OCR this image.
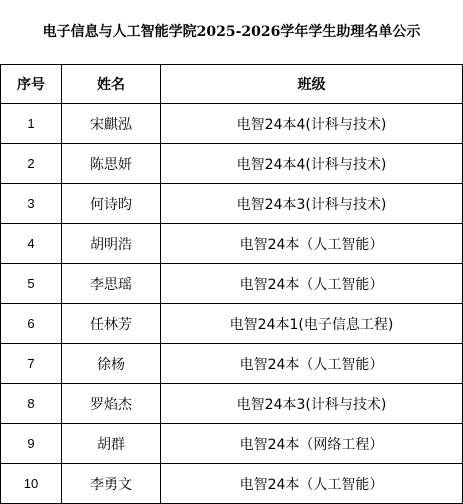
电子信息与人工智能学院2025-2026学年学生助理名单公示
序号	姓名	班级
1	宋麒泓	电智24本4(计科与技术)
2	陈思妍	电智24本4(计科与技术)
3	何诗昀	电智24本3(计科与技术)
4	胡明浩	电智24本（人工智能）
5	李思瑶	电智24本（人工智能）
6	任林芳	电智24本1(电子信息工程)
7	徐杨	电智24本（人工智能）
8	罗焰杰	电智24本3(计科与技术)
9	胡群	电智24本（网络工程）
10	李勇文	电智24本（人工智能）
